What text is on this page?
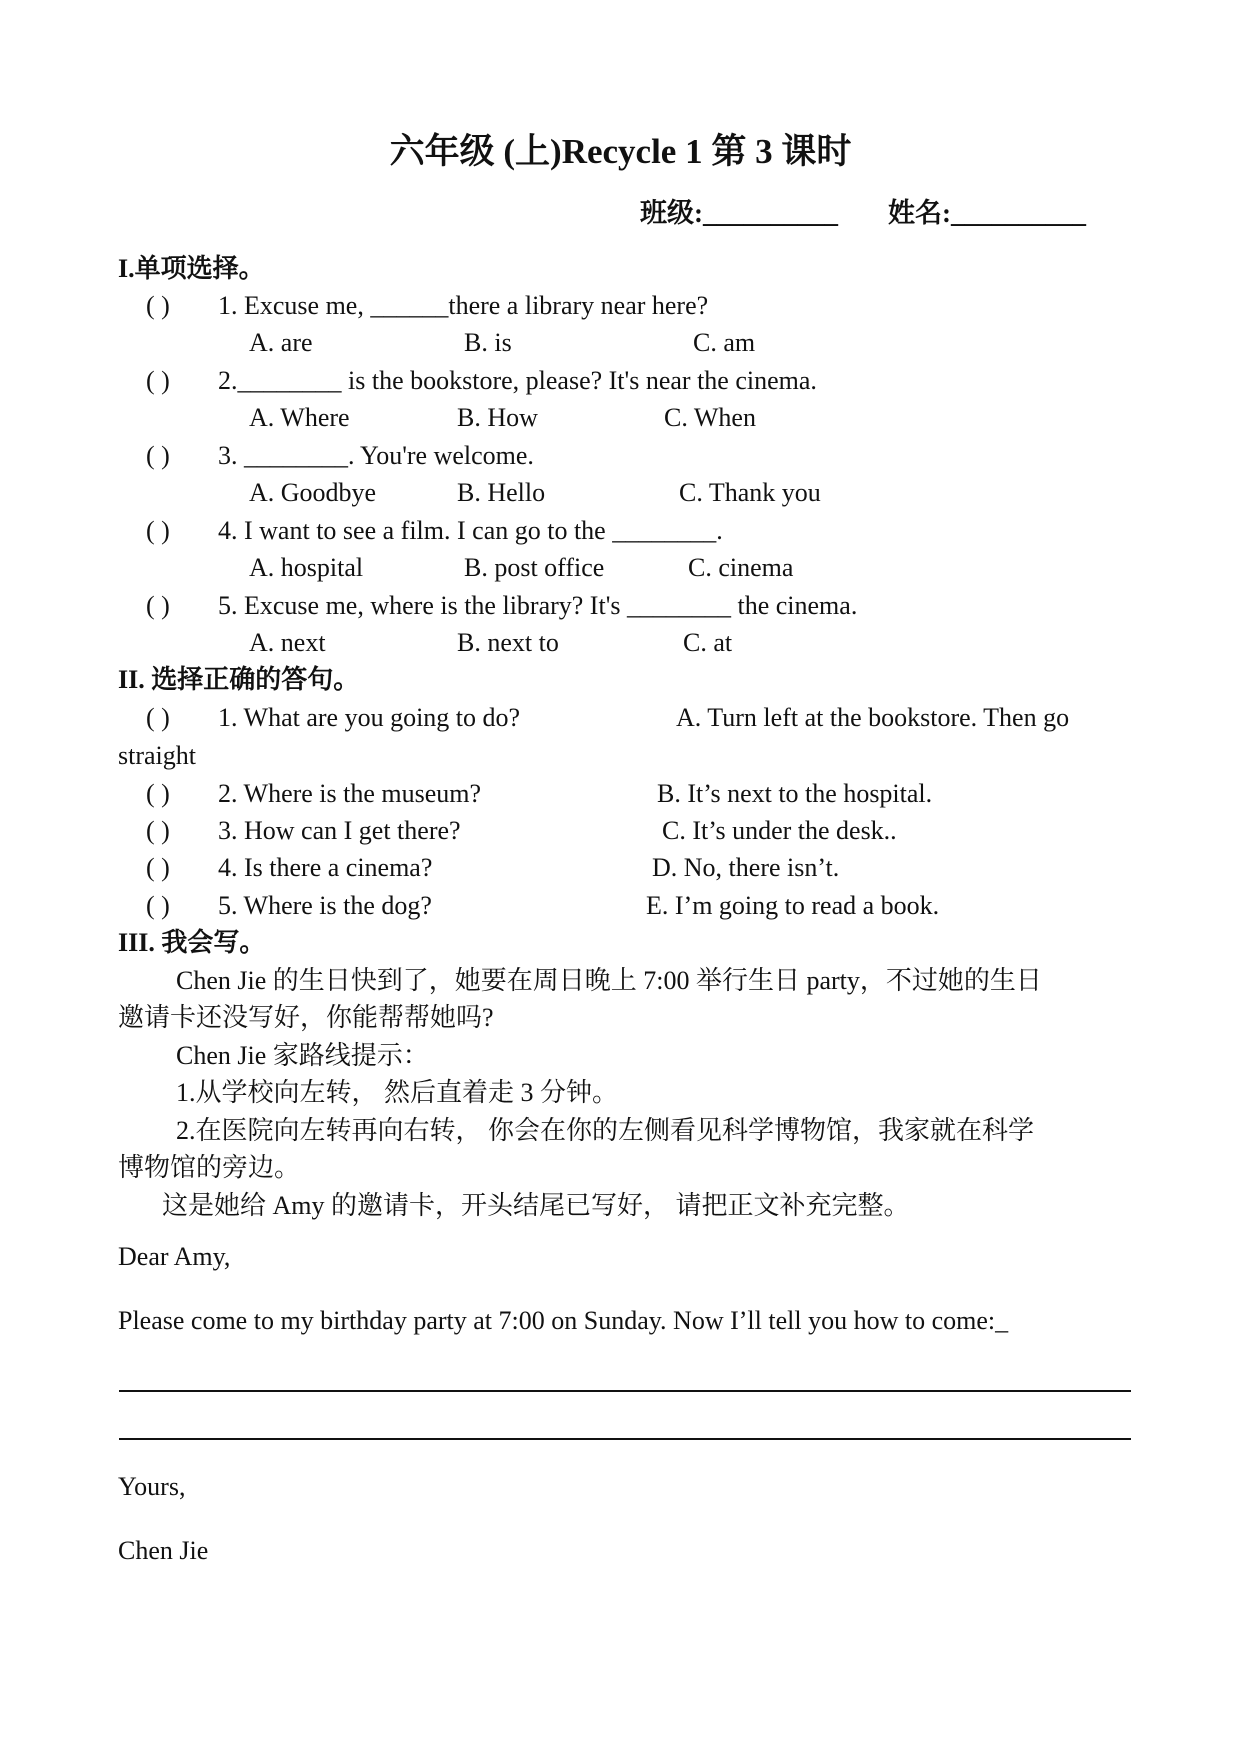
六年级 (上)Recycle 1 第 3 课时
班级:__________ 姓名:__________
I.单项选择。
( ) 1. Excuse me, ______there a library near here?
A. are	B. is	C. am
( ) 2.________ is the bookstore, please? It's near the cinema.
A. Where	B. How	C. When
( ) 3. ________. You're welcome.
A. Goodbye	B. Hello	C. Thank you
( ) 4. I want to see a film. I can go to the ________.
A. hospital	B. post office	C. cinema
( ) 5. Excuse me, where is the library? It's ________ the cinema.
A. next	B. next to	C. at
II. 选择正确的答句。
( ) 1. What are you going to do?	A. Turn left at the bookstore. Then go
straight
( ) 2. Where is the museum?	B. It’s next to the hospital.
( ) 3. How can I get there?	C. It’s under the desk..
( ) 4. Is there a cinema?	D. No, there isn’t.
( ) 5. Where is the dog?	E. I’m going to read a book.
III. 我会写。
Chen Jie 的生日快到了，她要在周日晚上 7:00 举行生日 party，不过她的生日
邀请卡还没写好，你能帮帮她吗?
Chen Jie 家路线提示：
1.从学校向左转， 然后直着走 3 分钟。
2.在医院向左转再向右转， 你会在你的左侧看见科学博物馆，我家就在科学
博物馆的旁边。
这是她给 Amy 的邀请卡，开头结尾已写好， 请把正文补充完整。
Dear Amy,
Please come to my birthday party at 7:00 on Sunday. Now I’ll tell you how to come:_
Yours,
Chen Jie
